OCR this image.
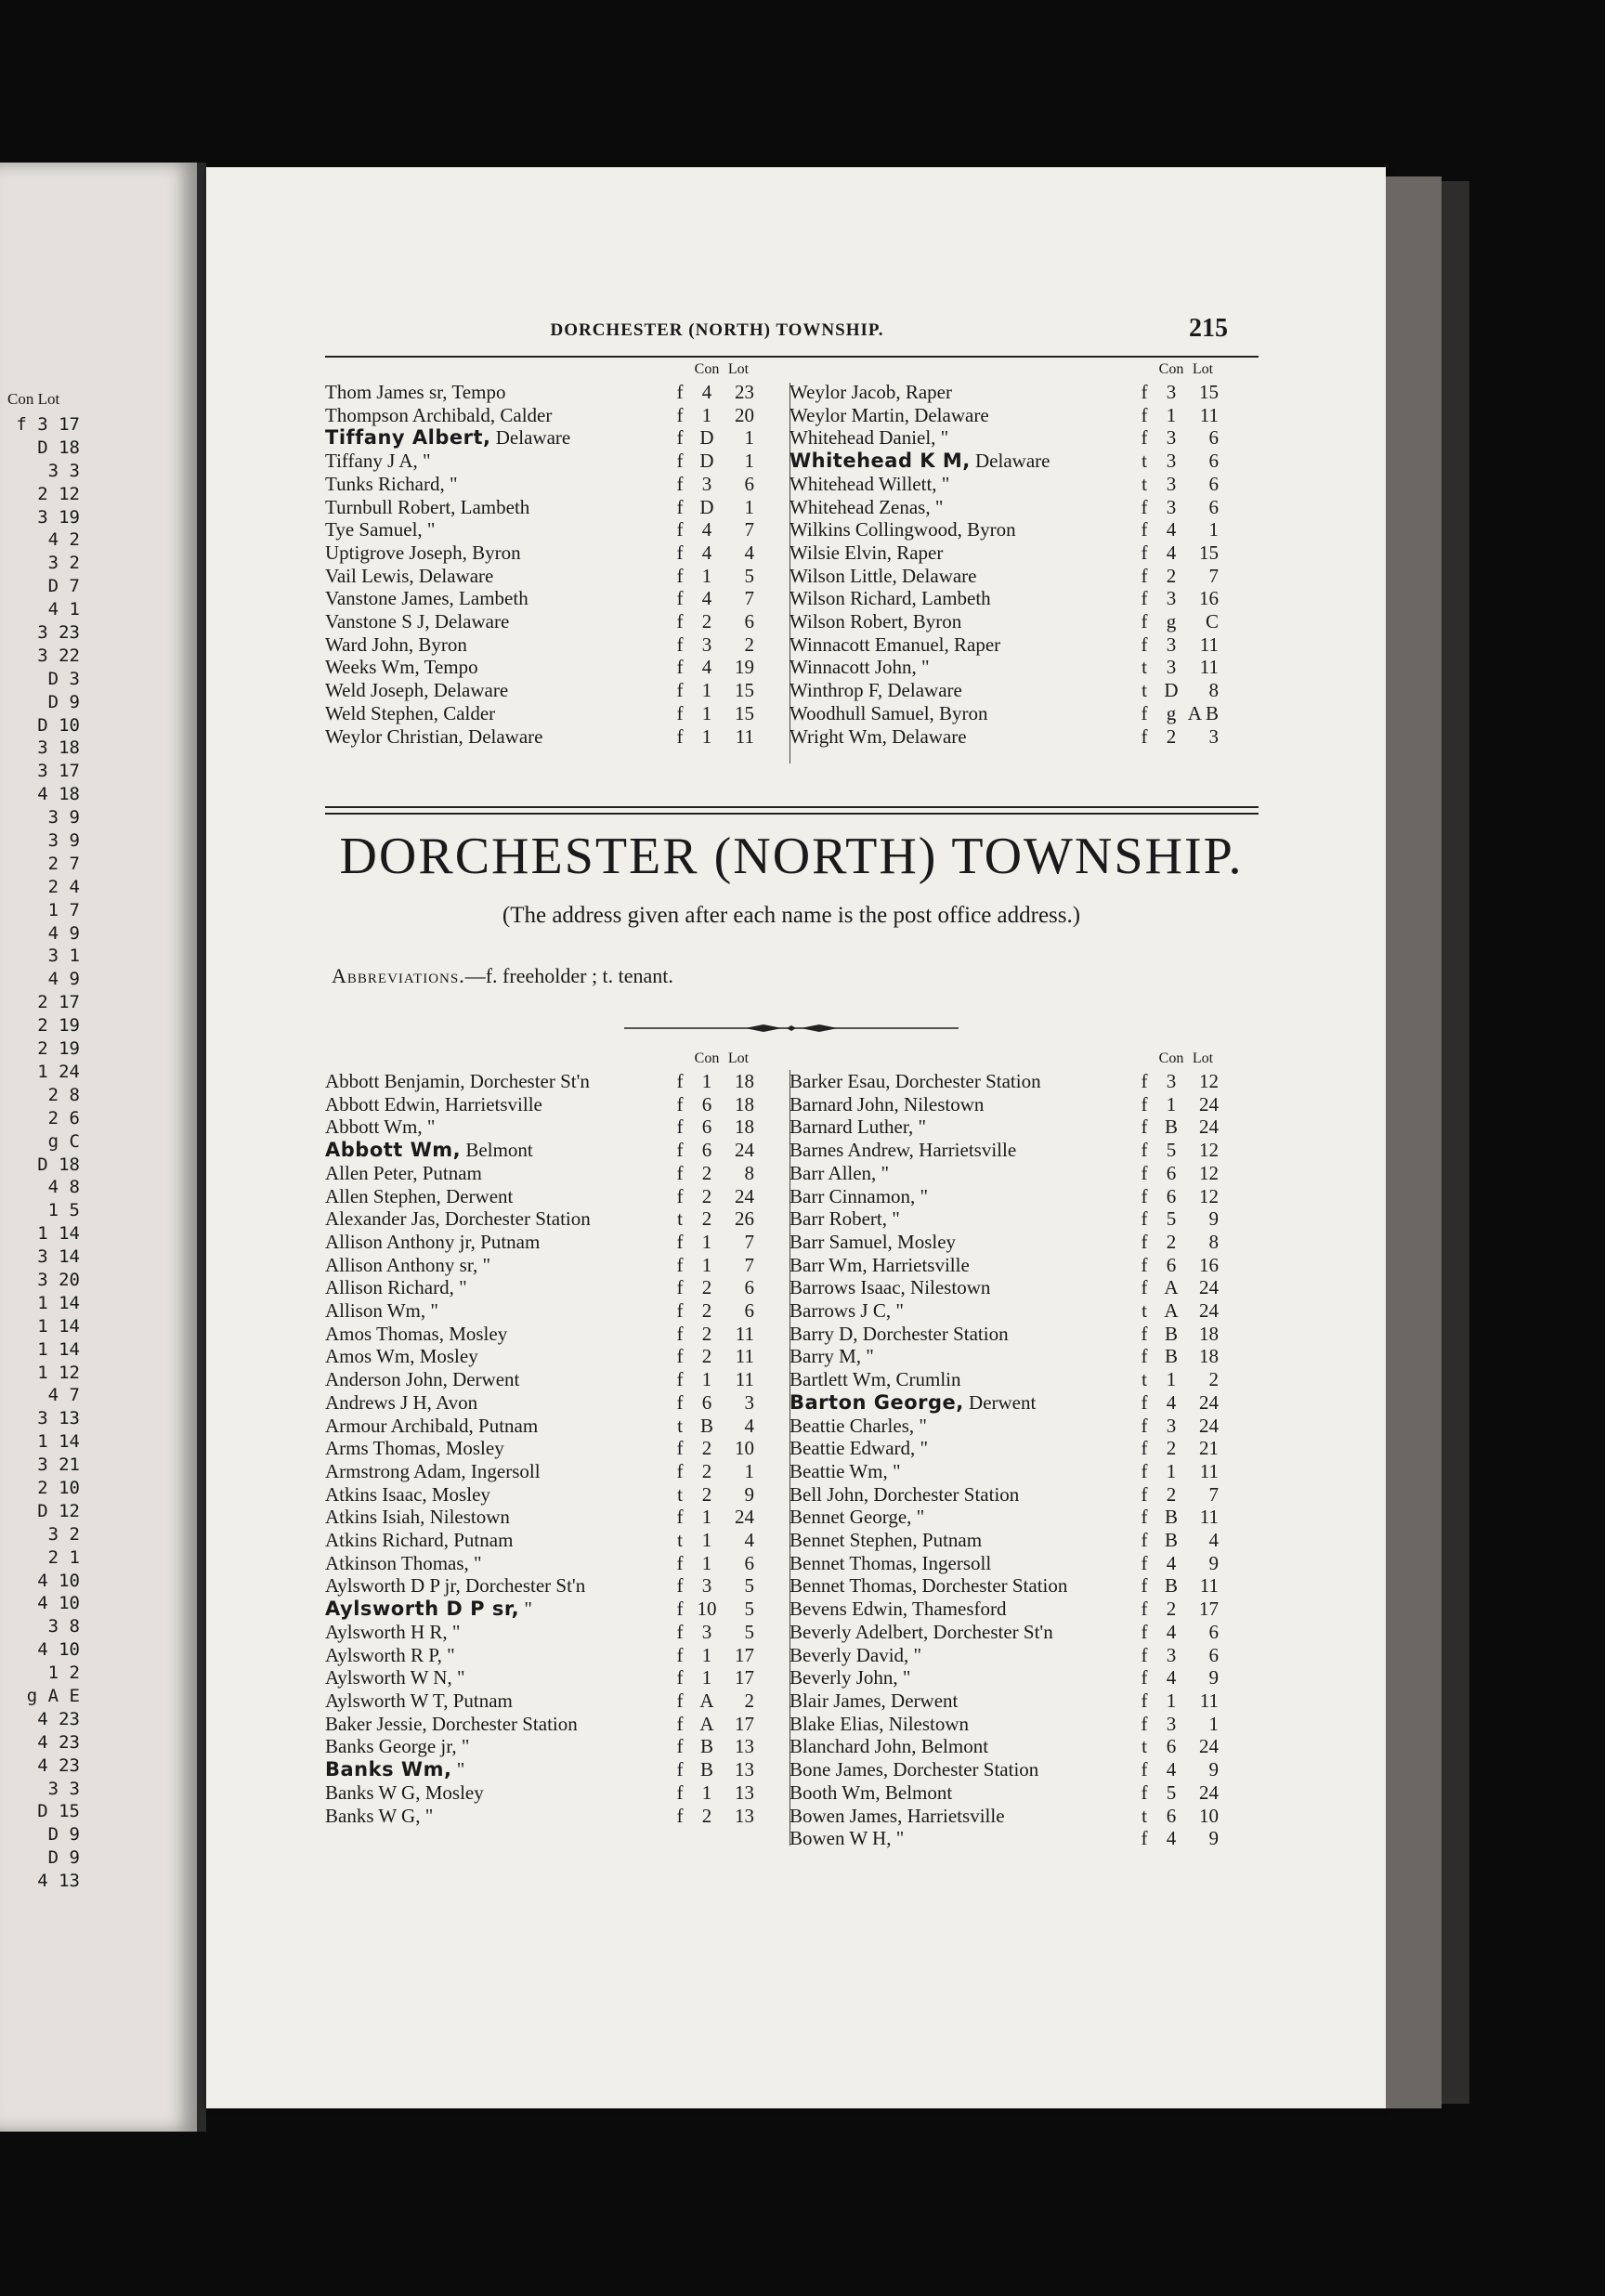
Con Lot
f 3 17
D 18
3 3
2 12
3 19
4 2
3 2
D 7
4 1
3 23
3 22
D 3
D 9
D 10
3 18
3 17
4 18
3 9
3 9
2 7
2 4
1 7
4 9
3 1
4 9
2 17
2 19
2 19
1 24
2 8
2 6
g C
D 18
4 8
1 5
1 14
3 14
3 20
1 14
1 14
1 14
1 12
4 7
3 13
1 14
3 21
2 10
D 12
3 2
2 1
4 10
4 10
3 8
4 10
1 2
g A E
4 23
4 23
4 23
3 3
D 15
D 9
D 9
4 13
DORCHESTER (NORTH) TOWNSHIP.	215
		Con	Lot
Thom James sr, Tempo	f	4	23
Thompson Archibald, Calder	f	1	20
Tiffany Albert, Delaware	f	D	1
Tiffany J A, "	f	D	1
Tunks Richard, "	f	3	6
Turnbull Robert, Lambeth	f	D	1
Tye Samuel, "	f	4	7
Uptigrove Joseph, Byron	f	4	4
Vail Lewis, Delaware	f	1	5
Vanstone James, Lambeth	f	4	7
Vanstone S J, Delaware	f	2	6
Ward John, Byron	f	3	2
Weeks Wm, Tempo	f	4	19
Weld Joseph, Delaware	f	1	15
Weld Stephen, Calder	f	1	15
Weylor Christian, Delaware	f	1	11
		Con	Lot
Weylor Jacob, Raper	f	3	15
Weylor Martin, Delaware	f	1	11
Whitehead Daniel, "	f	3	6
Whitehead K M, Delaware	t	3	6
Whitehead Willett, "	t	3	6
Whitehead Zenas, "	f	3	6
Wilkins Collingwood, Byron	f	4	1
Wilsie Elvin, Raper	f	4	15
Wilson Little, Delaware	f	2	7
Wilson Richard, Lambeth	f	3	16
Wilson Robert, Byron	f	g	C
Winnacott Emanuel, Raper	f	3	11
Winnacott John, "	t	3	11
Winthrop F, Delaware	t	D	8
Woodhull Samuel, Byron	f	g	A B
Wright Wm, Delaware	f	2	3
DORCHESTER (NORTH) TOWNSHIP.
(The address given after each name is the post office address.)
Abbreviations.—f. freeholder ; t. tenant.
		Con	Lot
Abbott Benjamin, Dorchester St'n	f	1	18
Abbott Edwin, Harrietsville	f	6	18
Abbott Wm, "	f	6	18
Abbott Wm, Belmont	f	6	24
Allen Peter, Putnam	f	2	8
Allen Stephen, Derwent	f	2	24
Alexander Jas, Dorchester Station	t	2	26
Allison Anthony jr, Putnam	f	1	7
Allison Anthony sr, "	f	1	7
Allison Richard, "	f	2	6
Allison Wm, "	f	2	6
Amos Thomas, Mosley	f	2	11
Amos Wm, Mosley	f	2	11
Anderson John, Derwent	f	1	11
Andrews J H, Avon	f	6	3
Armour Archibald, Putnam	t	B	4
Arms Thomas, Mosley	f	2	10
Armstrong Adam, Ingersoll	f	2	1
Atkins Isaac, Mosley	t	2	9
Atkins Isiah, Nilestown	f	1	24
Atkins Richard, Putnam	t	1	4
Atkinson Thomas, "	f	1	6
Aylsworth D P jr, Dorchester St'n	f	3	5
Aylsworth D P sr, "	f	10	5
Aylsworth H R, "	f	3	5
Aylsworth R P, "	f	1	17
Aylsworth W N, "	f	1	17
Aylsworth W T, Putnam	f	A	2
Baker Jessie, Dorchester Station	f	A	17
Banks George jr, "	f	B	13
Banks Wm, "	f	B	13
Banks W G, Mosley	f	1	13
Banks W G, "	f	2	13
		Con	Lot
Barker Esau, Dorchester Station	f	3	12
Barnard John, Nilestown	f	1	24
Barnard Luther, "	f	B	24
Barnes Andrew, Harrietsville	f	5	12
Barr Allen, "	f	6	12
Barr Cinnamon, "	f	6	12
Barr Robert, "	f	5	9
Barr Samuel, Mosley	f	2	8
Barr Wm, Harrietsville	f	6	16
Barrows Isaac, Nilestown	f	A	24
Barrows J C, "	t	A	24
Barry D, Dorchester Station	f	B	18
Barry M, "	f	B	18
Bartlett Wm, Crumlin	t	1	2
Barton George, Derwent	f	4	24
Beattie Charles, "	f	3	24
Beattie Edward, "	f	2	21
Beattie Wm, "	f	1	11
Bell John, Dorchester Station	f	2	7
Bennet George, "	f	B	11
Bennet Stephen, Putnam	f	B	4
Bennet Thomas, Ingersoll	f	4	9
Bennet Thomas, Dorchester Station	f	B	11
Bevens Edwin, Thamesford	f	2	17
Beverly Adelbert, Dorchester St'n	f	4	6
Beverly David, "	f	3	6
Beverly John, "	f	4	9
Blair James, Derwent	f	1	11
Blake Elias, Nilestown	f	3	1
Blanchard John, Belmont	t	6	24
Bone James, Dorchester Station	f	4	9
Booth Wm, Belmont	f	5	24
Bowen James, Harrietsville	t	6	10
Bowen W H, "	f	4	9
